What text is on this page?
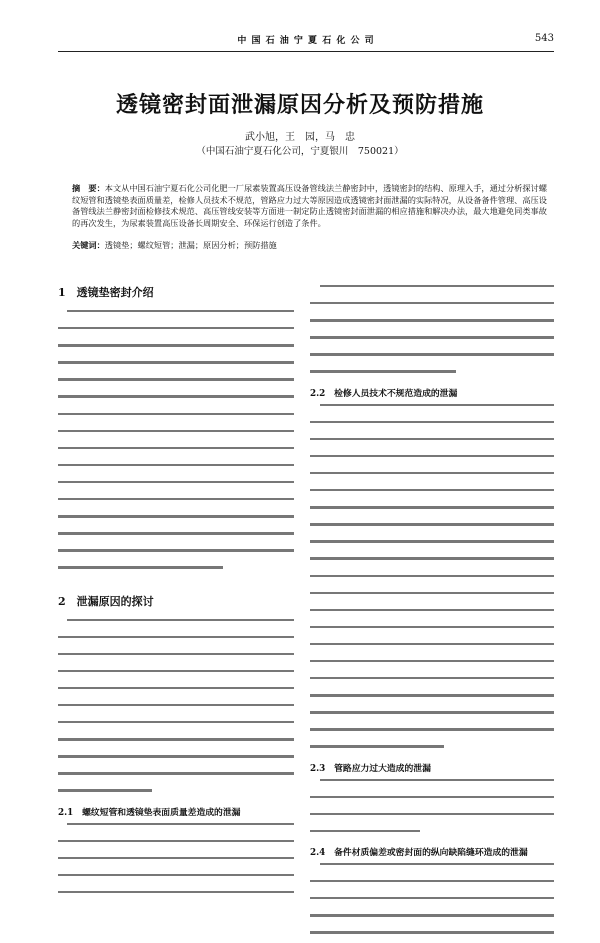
中 国 石 油 宁 夏 石 化 公 司	543
透镜密封面泄漏原因分析及预防措施
武小旭，王　园，马　忠
（中国石油宁夏石化公司，宁夏银川　750021）
摘　要：本文从中国石油宁夏石化公司化肥一厂尿素装置高压设备管线法兰静密封中，透镜密封的结构、原理入手，通过分析探讨螺纹短管和透镜垫表面质量差，检修人员技术不规范，管路应力过大等原因造成透镜密封面泄漏的实际特况，从设备备件管理、高压设备管线法兰静密封面检修技术规范、高压管线安装等方面进一制定防止透镜密封面泄漏的相应措施和解决办法，最大地避免同类事故的再次发生，为尿素装置高压设备长周期安全、环保运行创造了条件。
关键词：透镜垫；螺纹短管；泄漏；原因分析；预防措施
1　透镜垫密封介绍
2　泄漏原因的探讨
2.1　螺纹短管和透镜垫表面质量差造成的泄漏
2.2　检修人员技术不规范造成的泄漏
2.3　管路应力过大造成的泄漏
2.4　备件材质偏差或密封面的纵向缺陷缝环造成的泄漏
